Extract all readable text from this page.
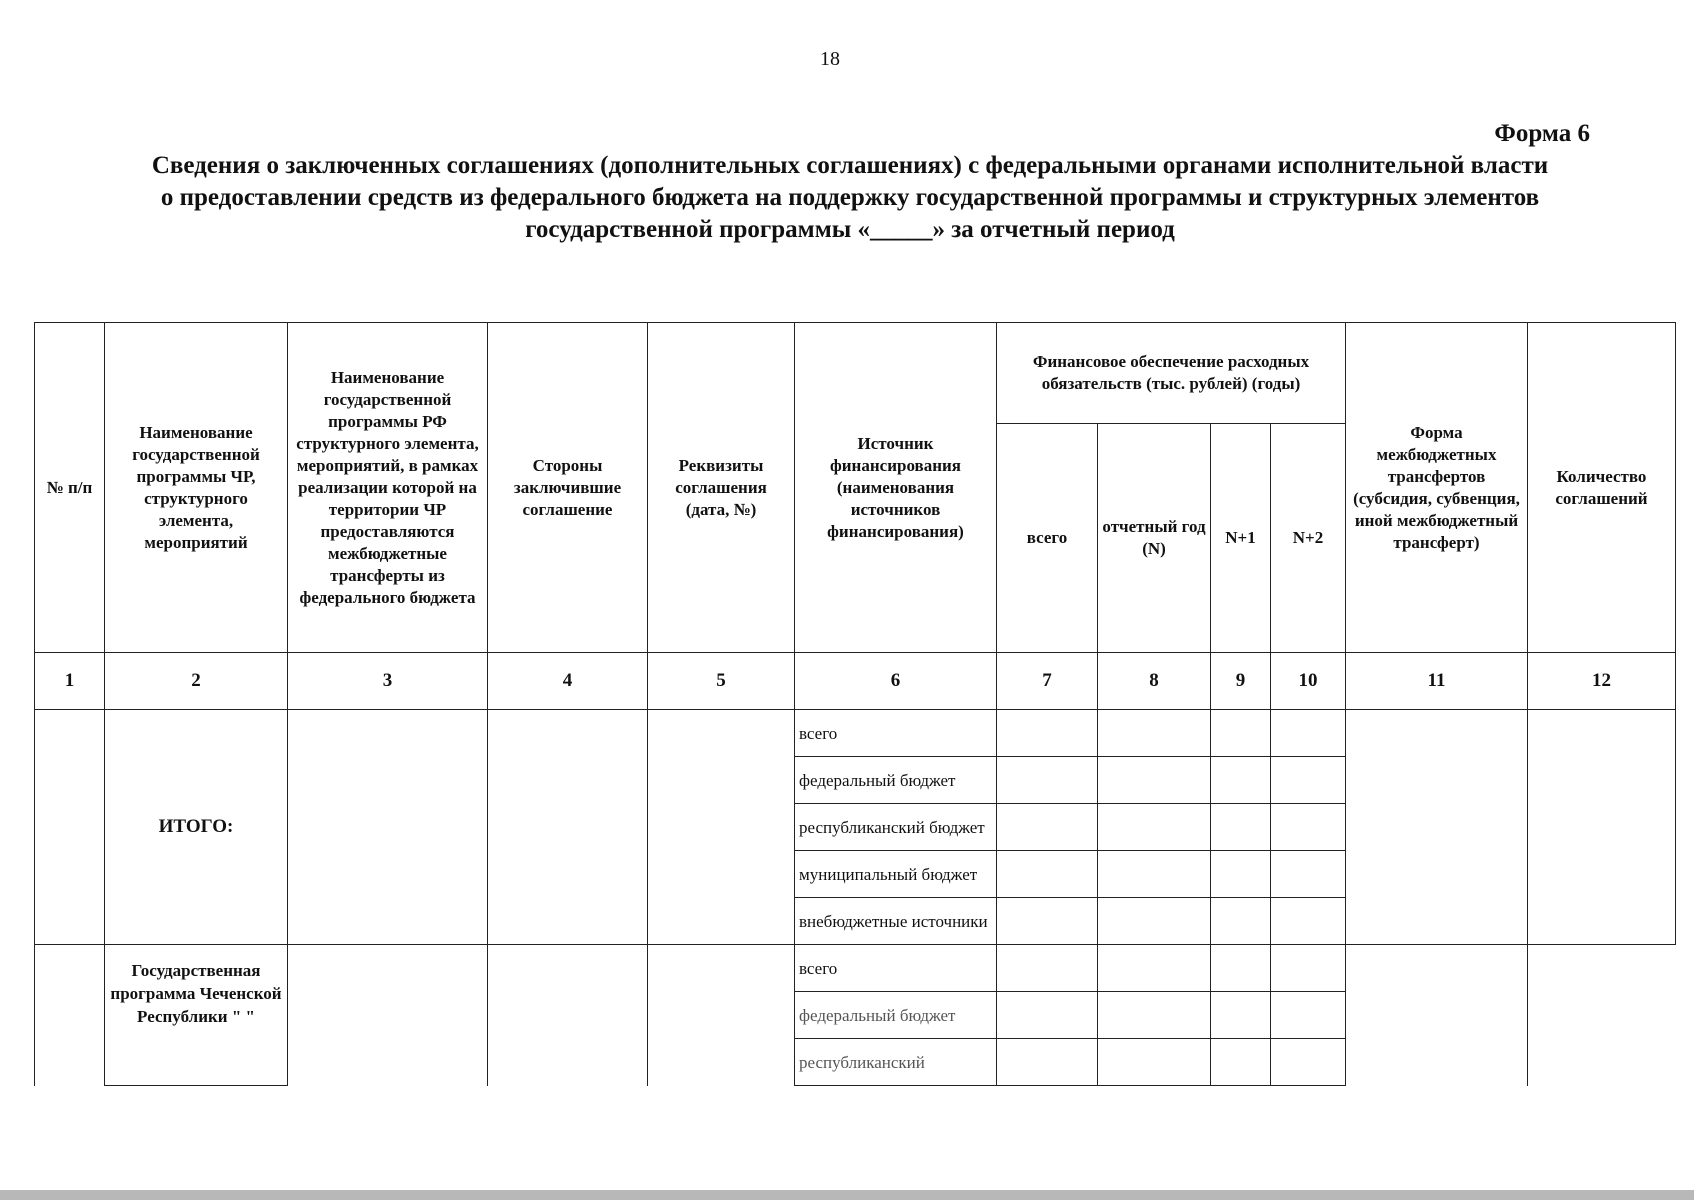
18
Форма 6
Сведения о заключенных соглашениях (дополнительных соглашениях) с федеральными органами исполнительной власти
о предоставлении средств из федерального бюджета на поддержку государственной программы и структурных элементов
государственной программы «_____» за отчетный период
№ п/п	Наименование государственной программы ЧР, структурного элемента, мероприятий	Наименование государственной программы РФ структурного элемента, мероприятий, в рамках реализации которой на территории ЧР предоставляются межбюджетные трансферты из федерального бюджета	Стороны заключившие соглашение	Реквизиты соглашения (дата, №)	Источник финансирования (наименования источников финансирования)	Финансовое обеспечение расходных обязательств (тыс. рублей) (годы)				Форма межбюджетных трансфертов (субсидия, субвенция, иной межбюджетный трансферт)	Количество соглашений
						всего	отчетный год (N)	N+1	N+2		
1	2	3	4	5	6	7	8	9	10	11	12
	ИТОГО:				всего						
					федеральный бюджет						
					республиканский бюджет						
					муниципальный бюджет						
					внебюджетные источники						
	Государственная программа Чеченской Республики " "				всего						
					федеральный бюджет						
					республиканский						
